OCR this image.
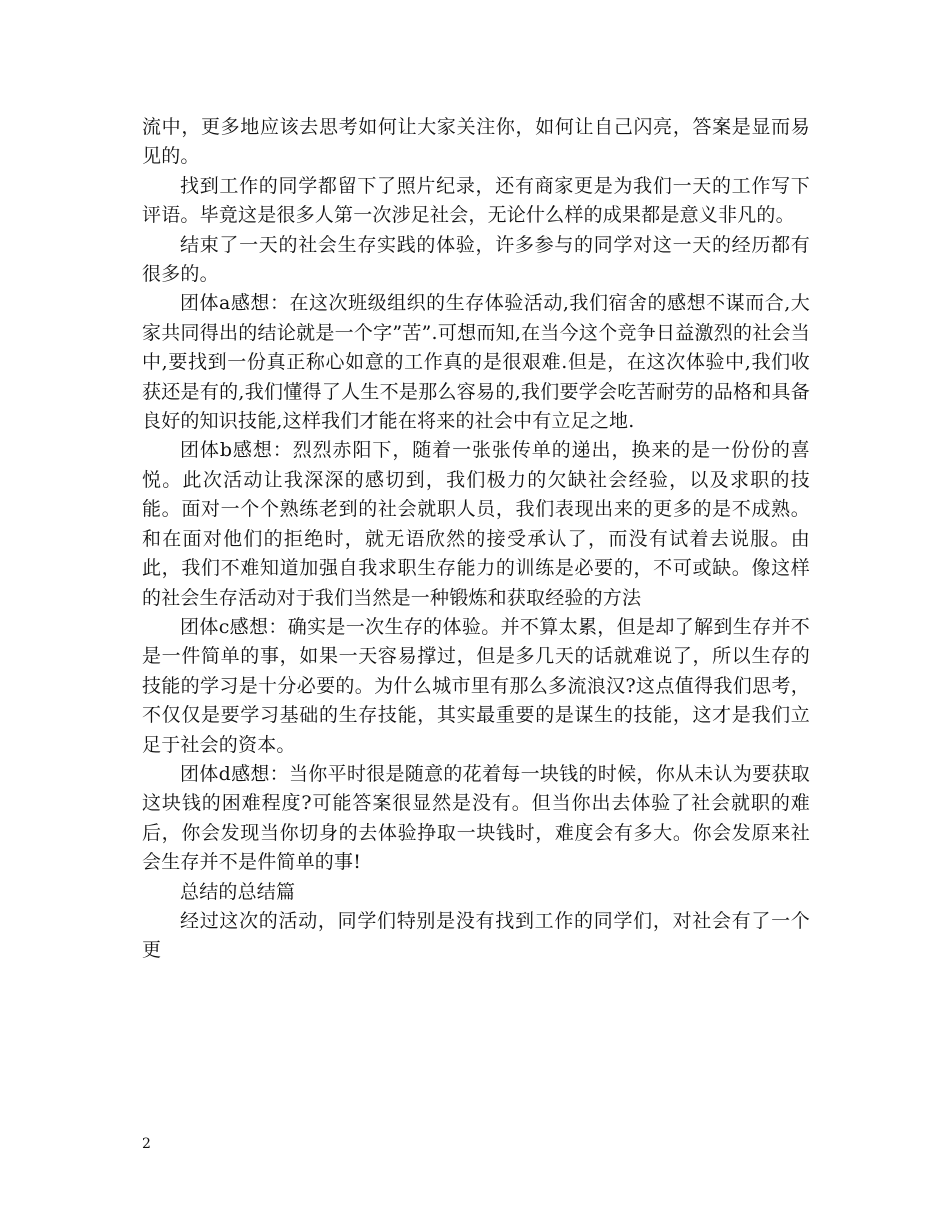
流中，更多地应该去思考如何让大家关注你，如何让自己闪亮，答案是显而易见的。

找到工作的同学都留下了照片纪录，还有商家更是为我们一天的工作写下评语。毕竟这是很多人第一次涉足社会，无论什么样的成果都是意义非凡的。

结束了一天的社会生存实践的体验，许多参与的同学对这一天的经历都有很多的。

团体a感想：在这次班级组织的生存体验活动,我们宿舍的感想不谋而合,大家共同得出的结论就是一个字”苦”.可想而知,在当今这个竞争日益激烈的社会当中,要找到一份真正称心如意的工作真的是很艰难.但是，在这次体验中,我们收获还是有的,我们懂得了人生不是那么容易的,我们要学会吃苦耐劳的品格和具备良好的知识技能,这样我们才能在将来的社会中有立足之地.

团体b感想：烈烈赤阳下，随着一张张传单的递出，换来的是一份份的喜悦。此次活动让我深深的感切到，我们极力的欠缺社会经验，以及求职的技能。面对一个个熟练老到的社会就职人员，我们表现出来的更多的是不成熟。和在面对他们的拒绝时，就无语欣然的接受承认了，而没有试着去说服。由此，我们不难知道加强自我求职生存能力的训练是必要的，不可或缺。像这样的社会生存活动对于我们当然是一种锻炼和获取经验的方法

团体c感想：确实是一次生存的体验。并不算太累，但是却了解到生存并不是一件简单的事，如果一天容易撑过，但是多几天的话就难说了，所以生存的技能的学习是十分必要的。为什么城市里有那么多流浪汉?这点值得我们思考，不仅仅是要学习基础的生存技能，其实最重要的是谋生的技能，这才是我们立足于社会的资本。

团体d感想：当你平时很是随意的花着每一块钱的时候，你从未认为要获取这块钱的困难程度?可能答案很显然是没有。但当你出去体验了社会就职的难后，你会发现当你切身的去体验挣取一块钱时，难度会有多大。你会发原来社会生存并不是件简单的事!

总结的总结篇

经过这次的活动，同学们特别是没有找到工作的同学们，对社会有了一个更

2
